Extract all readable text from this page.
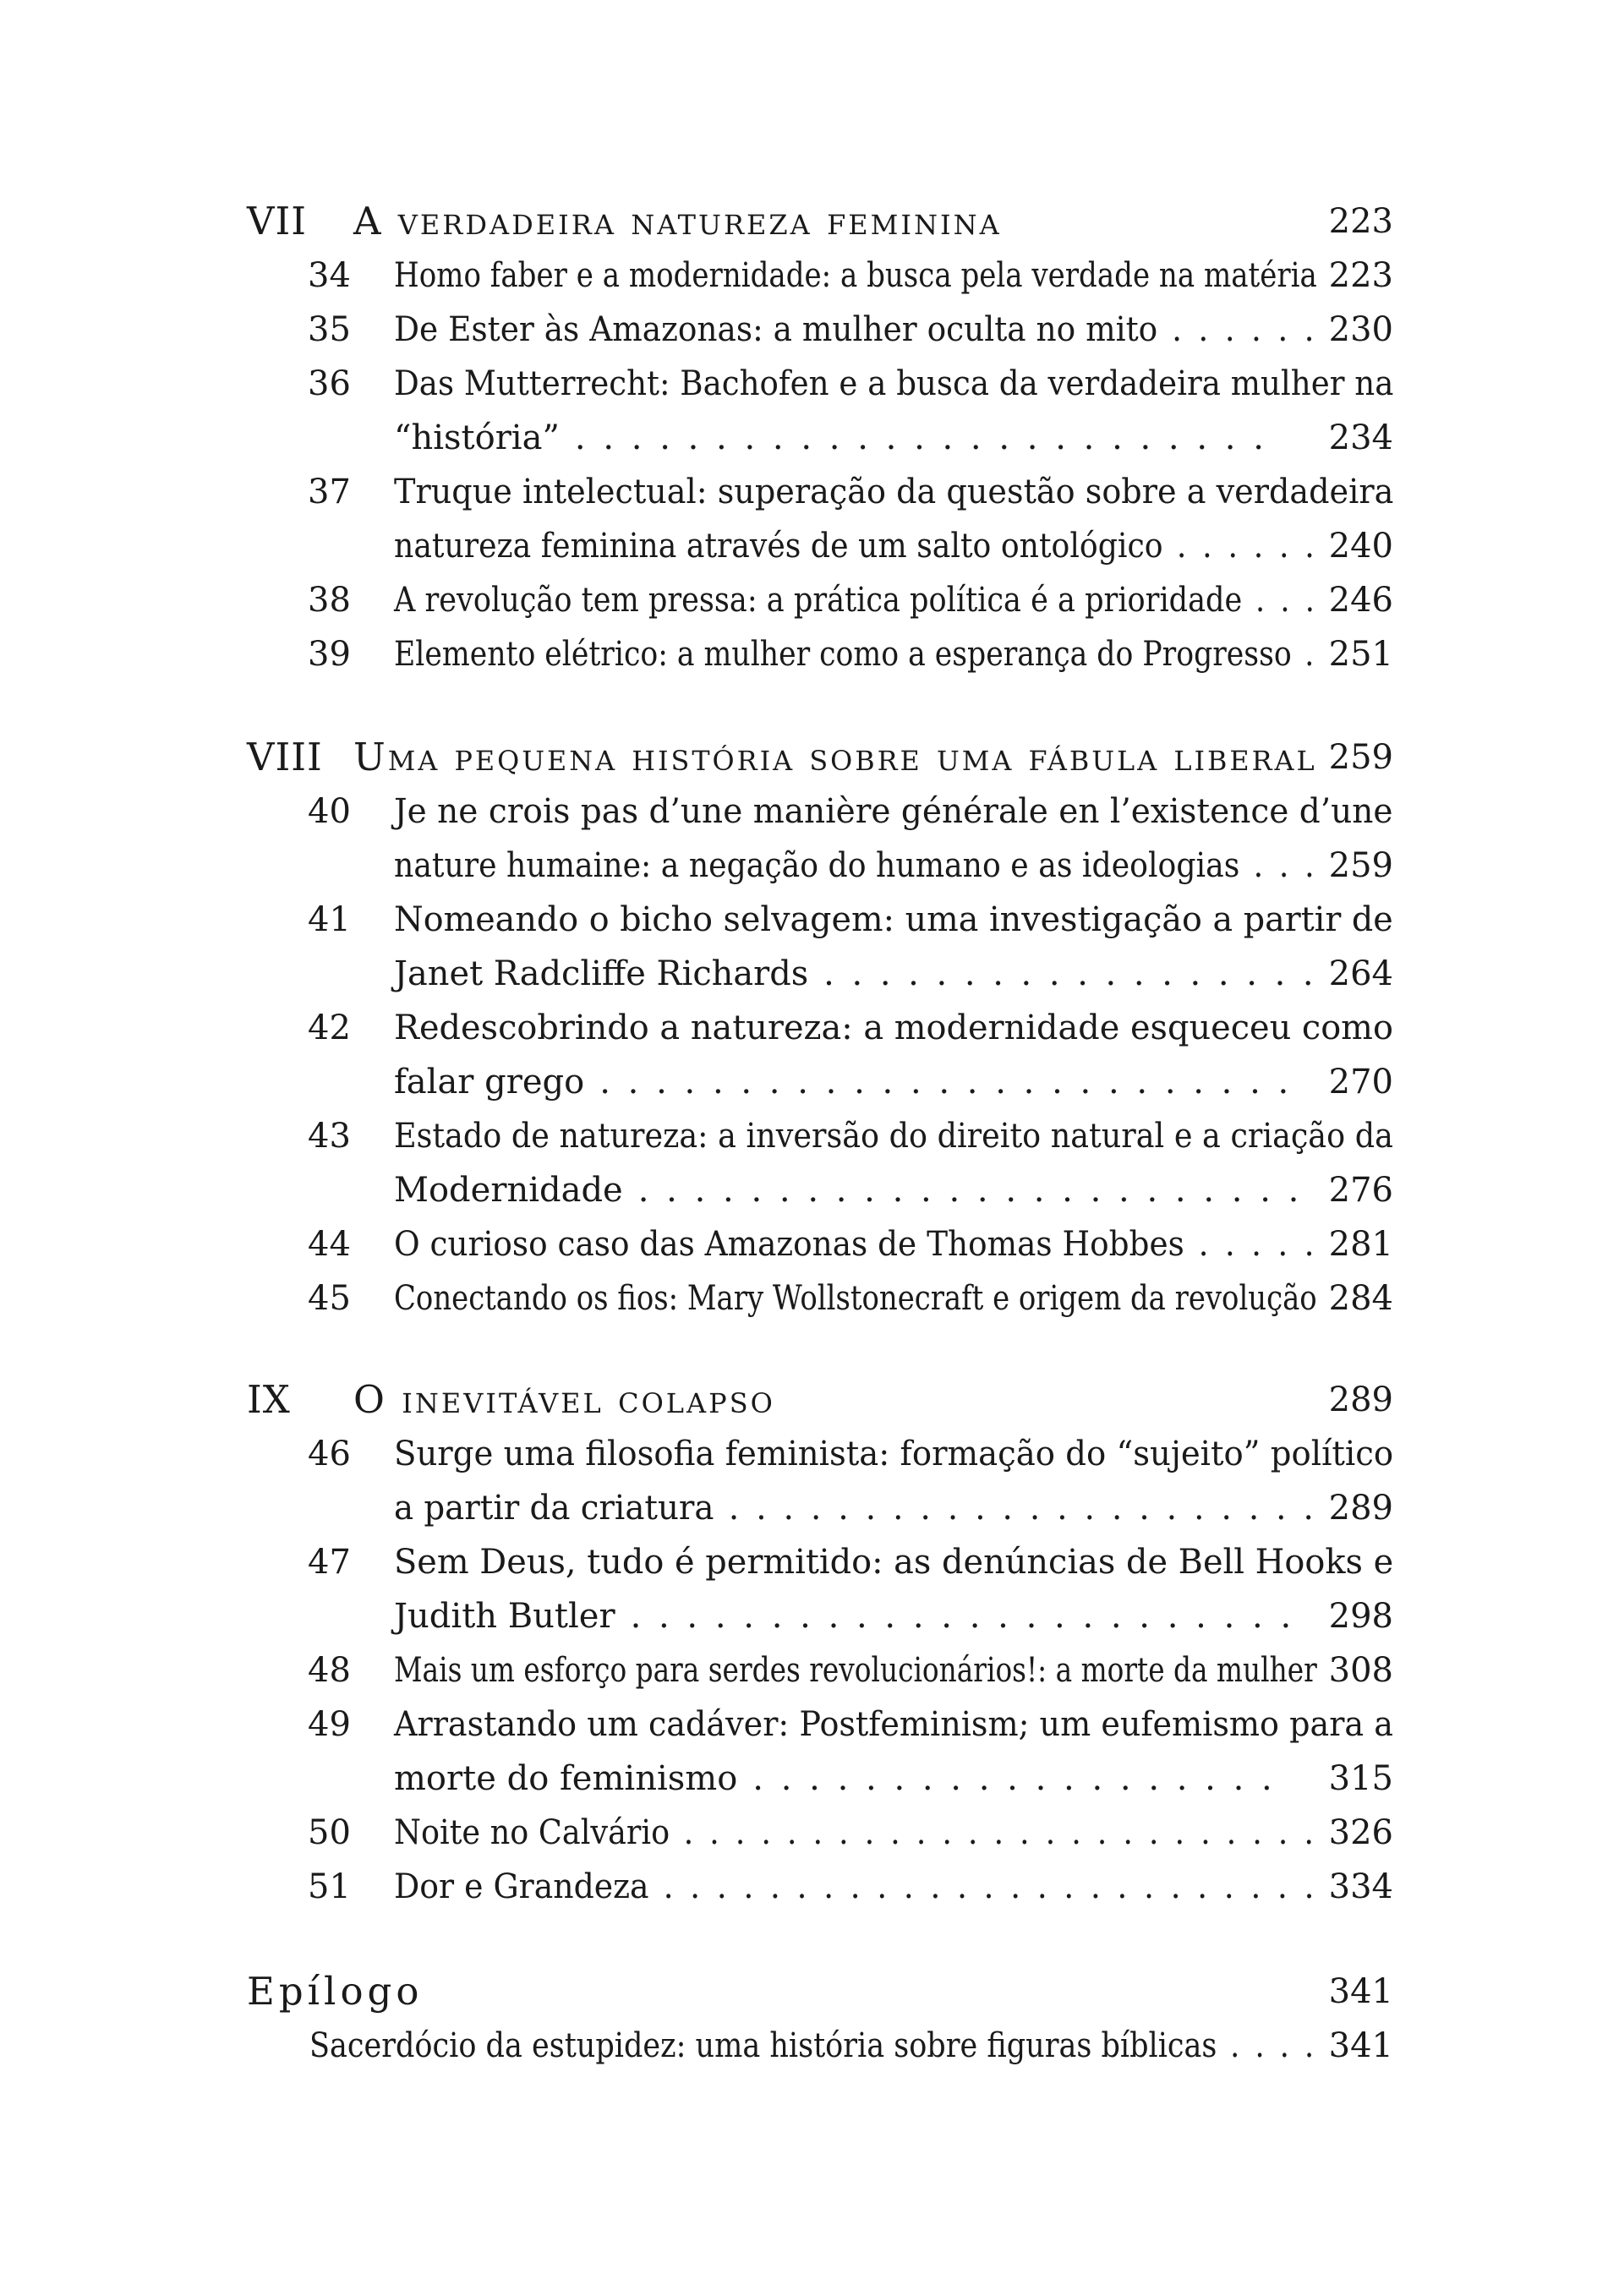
VII A verdadeira natureza feminina	223
34 Homo faber e a modernidade: a busca pela verdade na matéria 223
35 De Ester às Amazonas: a mulher oculta no mito . . . . . . 230
36 Das Mutterrecht: Bachofen e a busca da verdadeira mulher na
“história” . . . . . . . . . . . . . . . . . . . . . . . . . 234
37 Truque intelectual: superação da questão sobre a verdadeira
natureza feminina através de um salto ontológico . . . . . . 240
38 A revolução tem pressa: a prática política é a prioridade . . . 246
39 Elemento elétrico: a mulher como a esperança do Progresso . 251
VIII Uma pequena história sobre uma fábula liberal 259
40 Je ne crois pas d’une manière générale en l’existence d’une
nature humaine: a negação do humano e as ideologias . . . 259
41 Nomeando o bicho selvagem: uma investigação a partir de
Janet Radcliffe Richards . . . . . . . . . . . . . . . . . . 264
42 Redescobrindo a natureza: a modernidade esqueceu como
falar grego . . . . . . . . . . . . . . . . . . . . . . . . . 270
43 Estado de natureza: a inversão do direito natural e a criação da
Modernidade . . . . . . . . . . . . . . . . . . . . . . . . 276
44 O curioso caso das Amazonas de Thomas Hobbes . . . . . 281
45 Conectando os fios: Mary Wollstonecraft e origem da revolução 284
IX O inevitável colapso	289
46 Surge uma filosofia feminista: formação do “sujeito” político
a partir da criatura . . . . . . . . . . . . . . . . . . . . . . 289
47 Sem Deus, tudo é permitido: as denúncias de Bell Hooks e
Judith Butler . . . . . . . . . . . . . . . . . . . . . . . . 298
48 Mais um esforço para serdes revolucionários!: a morte da mulher 308
49 Arrastando um cadáver: Postfeminism; um eufemismo para a
morte do feminismo . . . . . . . . . . . . . . . . . . . 315
50 Noite no Calvário . . . . . . . . . . . . . . . . . . . . . . . . . 326
51 Dor e Grandeza . . . . . . . . . . . . . . . . . . . . . . . . . 334
Epílogo	341
Sacerdócio da estupidez: uma história sobre figuras bíblicas . . . . 341
